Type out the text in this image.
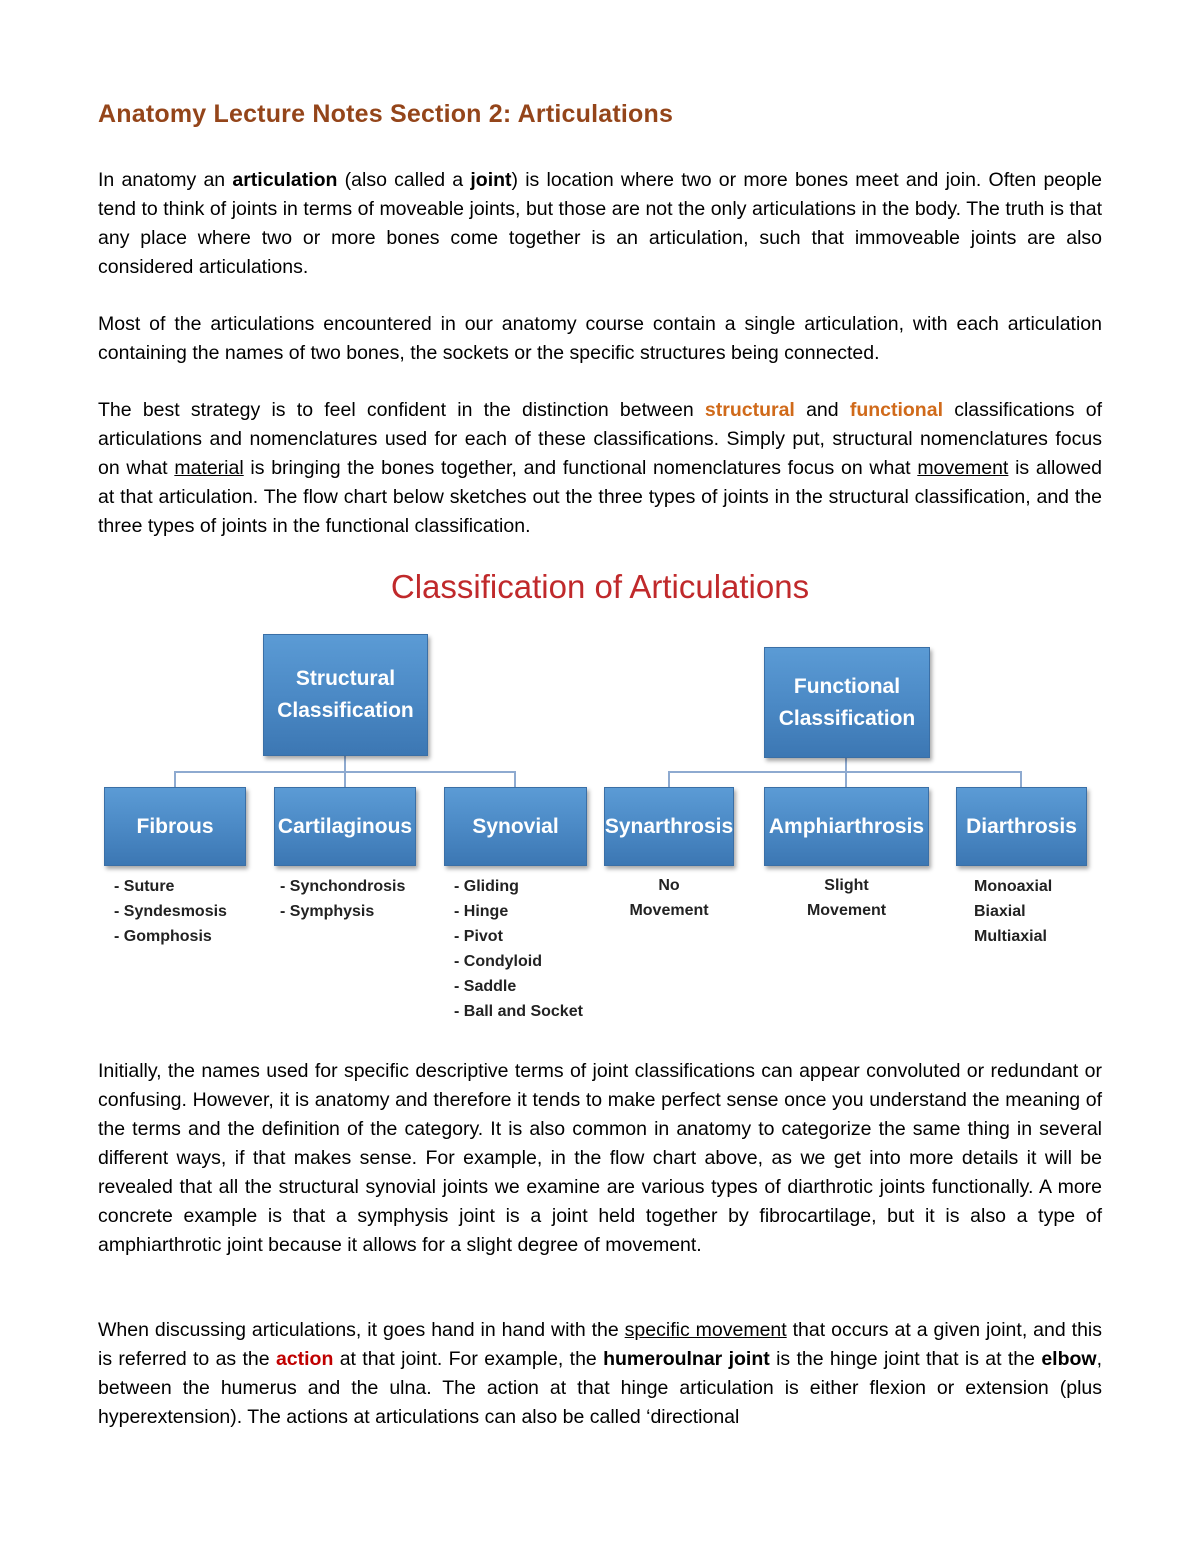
Anatomy Lecture Notes Section 2: Articulations

In anatomy an articulation (also called a joint) is location where two or more bones meet and join. Often people tend to think of joints in terms of moveable joints, but those are not the only articulations in the body. The truth is that any place where two or more bones come together is an articulation, such that immoveable joints are also considered articulations.

Most of the articulations encountered in our anatomy course contain a single articulation, with each articulation containing the names of two bones, the sockets or the specific structures being connected.

The best strategy is to feel confident in the distinction between structural and functional classifications of articulations and nomenclatures used for each of these classifications. Simply put, structural nomenclatures focus on what material is bringing the bones together, and functional nomenclatures focus on what movement is allowed at that articulation. The flow chart below sketches out the three types of joints in the structural classification, and the three types of joints in the functional classification.

Classification of Articulations
Structural Classification
Functional Classification
Fibrous	Cartilaginous	Synovial	Synarthrosis Amphiarthrosis	Diarthrosis
- Suture
- Syndesmosis
- Gomphosis
- Synchondrosis
- Symphysis
- Gliding
- Hinge
- Pivot
- Condyloid
- Saddle
- Ball and Socket
No
Movement
Slight
Movement
Monoaxial
Biaxial
Multiaxial

Initially, the names used for specific descriptive terms of joint classifications can appear convoluted or redundant or confusing. However, it is anatomy and therefore it tends to make perfect sense once you understand the meaning of the terms and the definition of the category. It is also common in anatomy to categorize the same thing in several different ways, if that makes sense. For example, in the flow chart above, as we get into more details it will be revealed that all the structural synovial joints we examine are various types of diarthrotic joints functionally. A more concrete example is that a symphysis joint is a joint held together by fibrocartilage, but it is also a type of amphiarthrotic joint because it allows for a slight degree of movement.

When discussing articulations, it goes hand in hand with the specific movement that occurs at a given joint, and this is referred to as the action at that joint. For example, the humeroulnar joint is the hinge joint that is at the elbow, between the humerus and the ulna. The action at that hinge articulation is either flexion or extension (plus hyperextension). The actions at articulations can also be called ‘directional
